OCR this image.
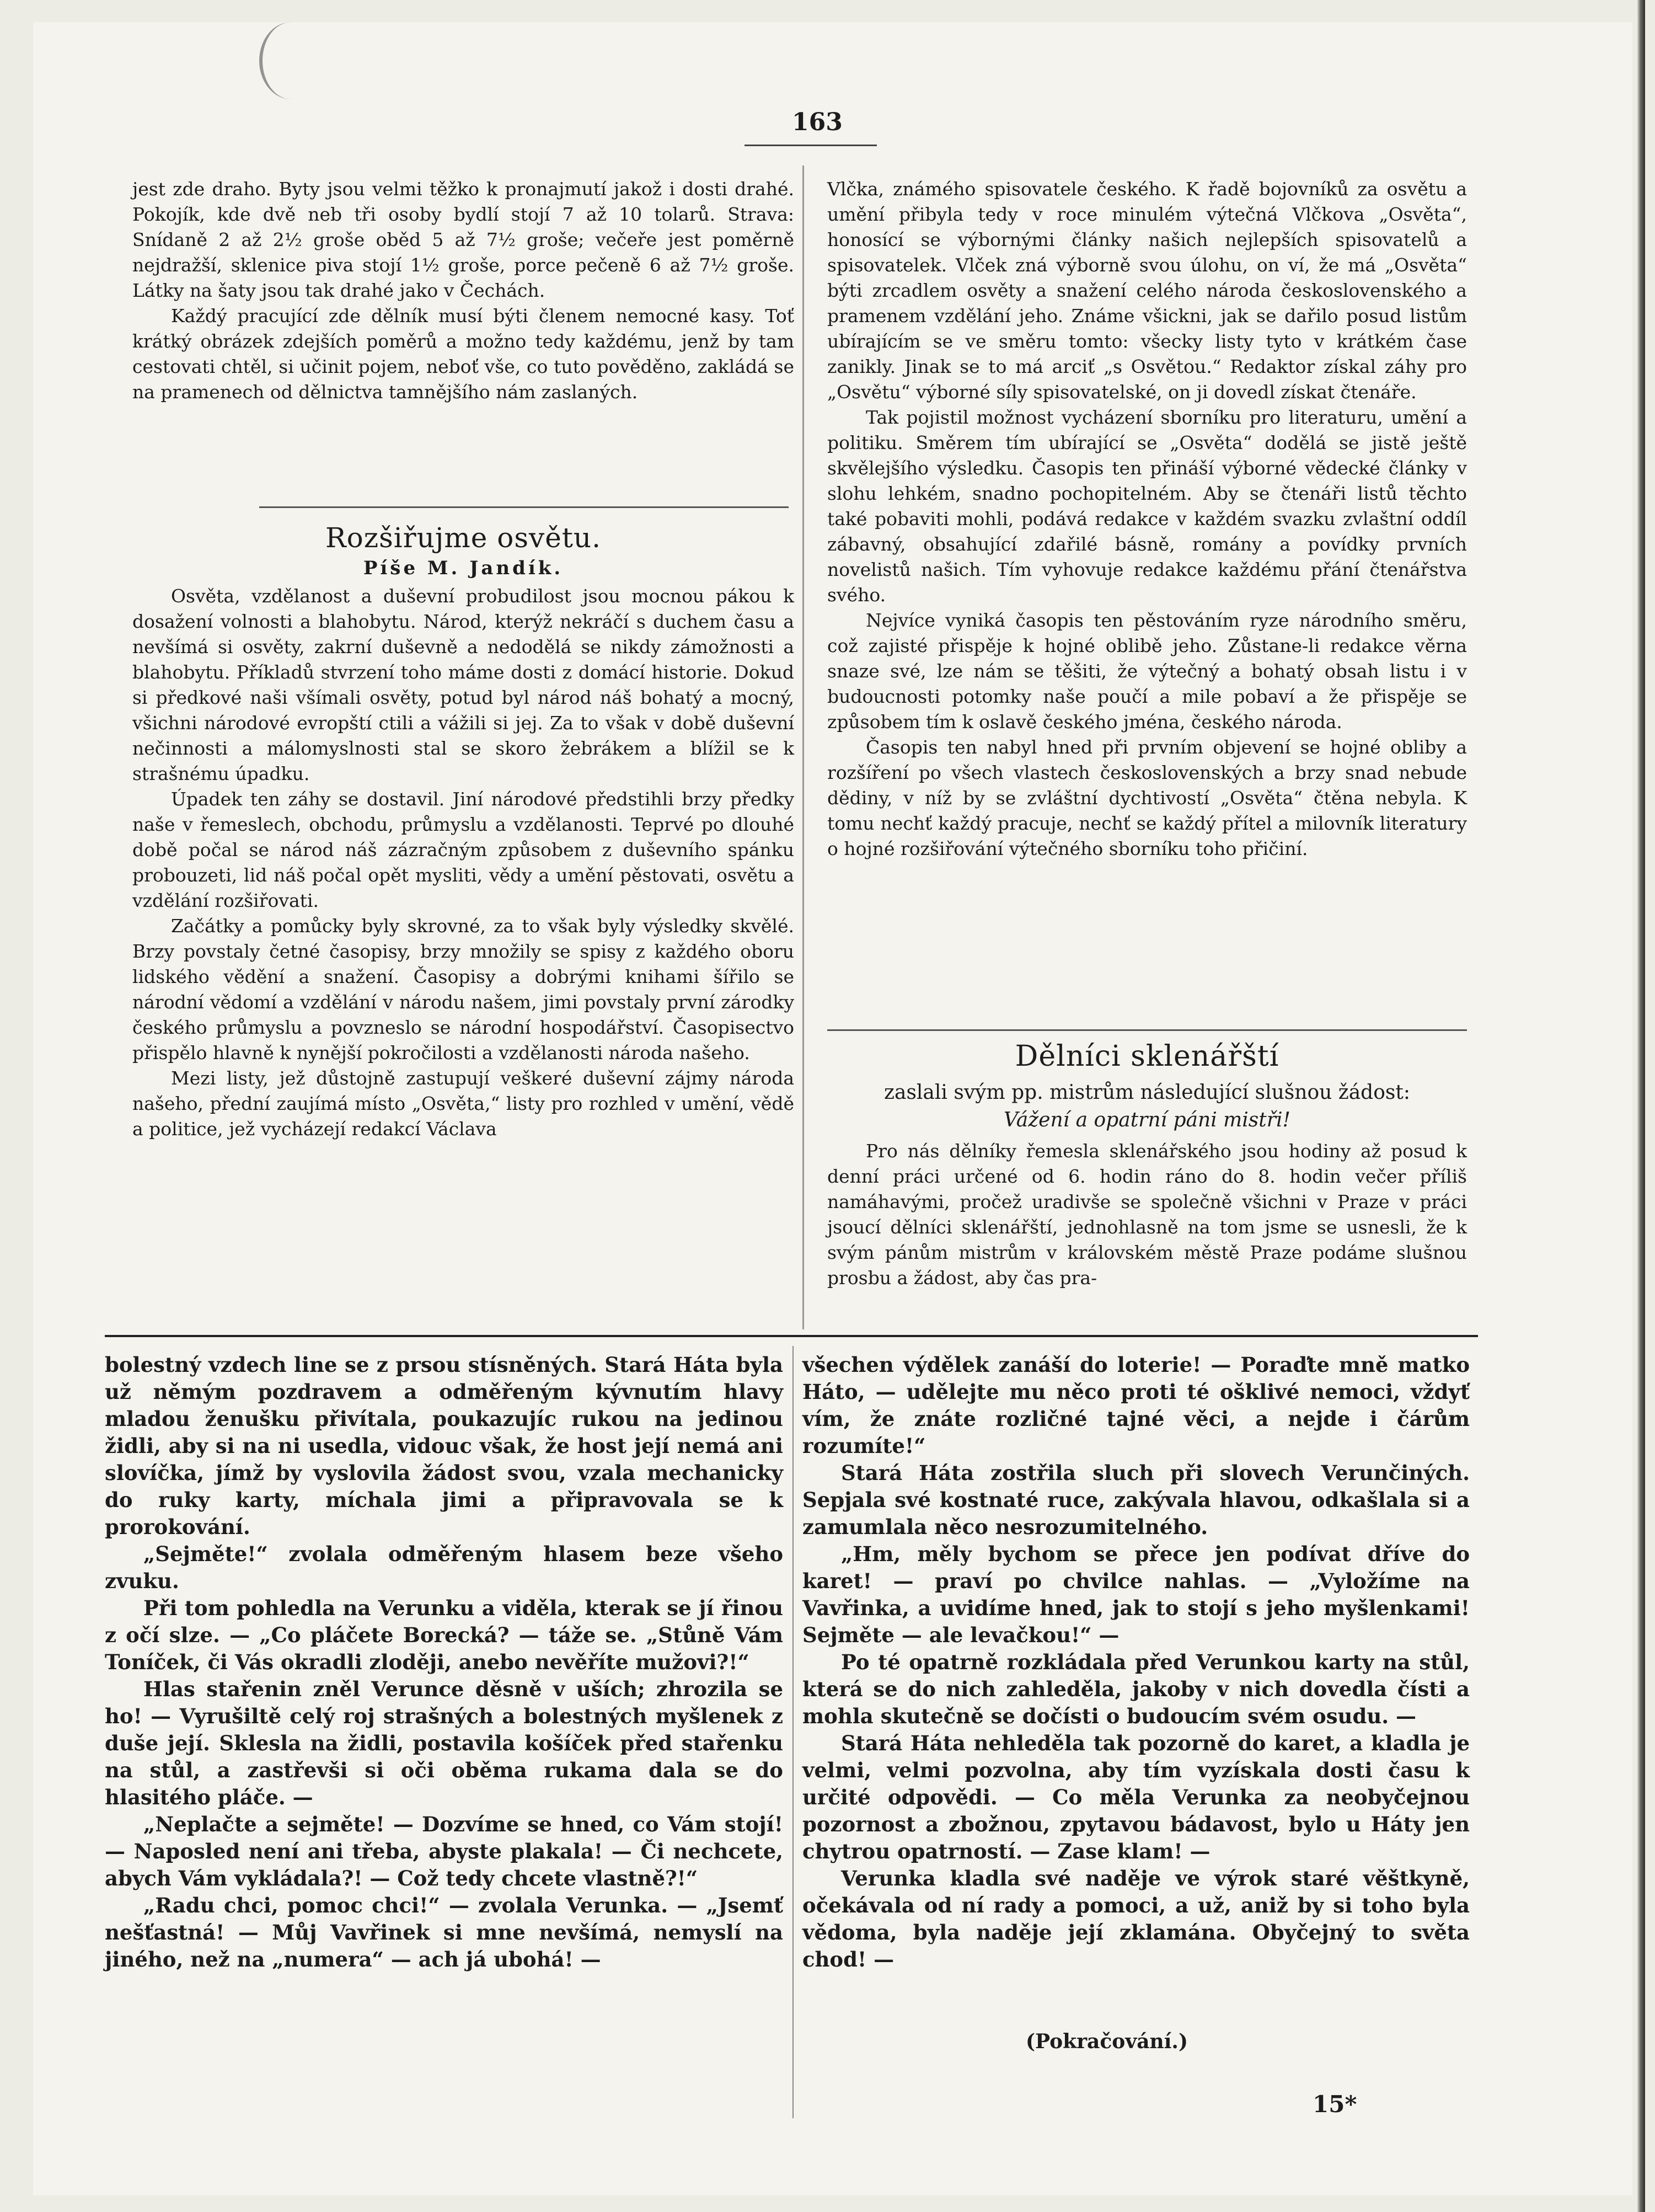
163

jest zde draho. Byty jsou velmi těžko k pronajmutí jakož i dosti drahé. Pokojík, kde dvě neb tři osoby bydlí stojí 7 až 10 tolarů. Strava: Snídaně 2 až 2½ groše oběd 5 až 7½ groše; večeře jest poměrně nejdražší, sklenice piva stojí 1½ groše, porce pečeně 6 až 7½ groše. Látky na šaty jsou tak drahé jako v Čechách.

Každý pracující zde dělník musí býti členem nemocné kasy. Toť krátký obrázek zdejších poměrů a možno tedy každému, jenž by tam cestovati chtěl, si učinit pojem, neboť vše, co tuto pověděno, zakládá se na pramenech od dělnictva tamnějšího nám zaslaných.

Rozšiřujme osvětu.
Píše M. Jandík.

Osvěta, vzdělanost a duševní probudilost jsou mocnou pákou k dosažení volnosti a blahobytu. Národ, kterýž nekráčí s duchem času a nevšímá si osvěty, zakrní duševně a nedodělá se nikdy zámožnosti a blahobytu. Příkladů stvrzení toho máme dosti z domácí historie. Dokud si předkové naši všímali osvěty, potud byl národ náš bohatý a mocný, všichni národové evropští ctili a vážili si jej. Za to však v době duševní nečinnosti a málomyslnosti stal se skoro žebrákem a blížil se k strašnému úpadku.

Úpadek ten záhy se dostavil. Jiní národové předstihli brzy předky naše v řemeslech, obchodu, průmyslu a vzdělanosti. Teprvé po dlouhé době počal se národ náš zázračným způsobem z duševního spánku probouzeti, lid náš počal opět mysliti, vědy a umění pěstovati, osvětu a vzdělání rozšiřovati.

Začátky a pomůcky byly skrovné, za to však byly výsledky skvělé. Brzy povstaly četné časopisy, brzy množily se spisy z každého oboru lidského vědění a snažení. Časopisy a dobrými knihami šířilo se národní vědomí a vzdělání v národu našem, jimi povstaly první zárodky českého průmyslu a povzneslo se národní hospodářství. Časopisectvo přispělo hlavně k nynější pokročilosti a vzdělanosti národa našeho.

Mezi listy, jež důstojně zastupují veškeré duševní zájmy národa našeho, přední zaujímá místo „Osvěta,“ listy pro rozhled v umění, vědě a politice, jež vycházejí redakcí Václava

Vlčka, známého spisovatele českého. K řadě bojovníků za osvětu a umění přibyla tedy v roce minulém výtečná Vlčkova „Osvěta“, honosící se výbornými články našich nejlepších spisovatelů a spisovatelek. Vlček zná výborně svou úlohu, on ví, že má „Osvěta“ býti zrcadlem osvěty a snažení celého národa československého a pramenem vzdělání jeho. Známe všickni, jak se dařilo posud listům ubírajícím se ve směru tomto: všecky listy tyto v krátkém čase zanikly. Jinak se to má arciť „s Osvětou.“ Redaktor získal záhy pro „Osvětu“ výborné síly spisovatelské, on ji dovedl získat čtenáře.

Tak pojistil možnost vycházení sborníku pro literaturu, umění a politiku. Směrem tím ubírající se „Osvěta“ dodělá se jistě ještě skvělejšího výsledku. Časopis ten přináší výborné vědecké články v slohu lehkém, snadno pochopitelném. Aby se čtenáři listů těchto také pobaviti mohli, podává redakce v každém svazku zvlaštní oddíl zábavný, obsahující zdařilé básně, romány a povídky prvních novelistů našich. Tím vyhovuje redakce každému přání čtenářstva svého.

Nejvíce vyniká časopis ten pěstováním ryze národního směru, což zajisté přispěje k hojné oblibě jeho. Zůstane-li redakce věrna snaze své, lze nám se těšiti, že výtečný a bohatý obsah listu i v budoucnosti potomky naše poučí a mile pobaví a že přispěje se způsobem tím k oslavě českého jména, českého národa.

Časopis ten nabyl hned při prvním objevení se hojné obliby a rozšíření po všech vlastech československých a brzy snad nebude dědiny, v níž by se zvláštní dychtivostí „Osvěta“ čtěna nebyla. K tomu nechť každý pracuje, nechť se každý přítel a milovník literatury o hojné rozšiřování výtečného sborníku toho přičiní.

Dělníci sklenářští
zaslali svým pp. mistrům následující slušnou žádost:
Vážení a opatrní páni mistři!

Pro nás dělníky řemesla sklenářského jsou hodiny až posud k denní práci určené od 6. hodin ráno do 8. hodin večer příliš namáhavými, pročež uradivše se společně všichni v Praze v práci jsoucí dělníci sklenářští, jednohlasně na tom jsme se usnesli, že k svým pánům mistrům v královském městě Praze podáme slušnou prosbu a žádost, aby čas pra-

bolestný vzdech line se z prsou stísněných. Stará Háta byla už němým pozdravem a odměřeným kývnutím hlavy mladou ženušku přivítala, poukazujíc rukou na jedinou židli, aby si na ni usedla, vidouc však, že host její nemá ani slovíčka, jímž by vyslovila žádost svou, vzala mechanicky do ruky karty, míchala jimi a připravovala se k prorokování.

„Sejměte!“ zvolala odměřeným hlasem beze všeho zvuku.

Při tom pohledla na Verunku a viděla, kterak se jí řinou z očí slze. — „Co pláčete Borecká? — táže se. „Stůně Vám Toníček, či Vás okradli zloději, anebo nevěříte mužovi?!“

Hlas stařenin zněl Verunce děsně v uších; zhrozila se ho! — Vyrušiltě celý roj strašných a bolestných myšlenek z duše její. Sklesla na židli, postavila košíček před stařenku na stůl, a zastřevši si oči oběma rukama dala se do hlasitého pláče. —

„Neplačte a sejměte! — Dozvíme se hned, co Vám stojí! — Naposled není ani třeba, abyste plakala! — Či nechcete, abych Vám vykládala?! — Což tedy chcete vlastně?!“

„Radu chci, pomoc chci!“ — zvolala Verunka. — „Jsemť nešťastná! — Můj Vavřinek si mne nevšímá, nemyslí na jiného, než na „numera“ — ach já ubohá! —

všechen výdělek zanáší do loterie! — Poraďte mně matko Háto, — udělejte mu něco proti té ošklivé nemoci, vždyť vím, že znáte rozličné tajné věci, a nejde i čárům rozumíte!“

Stará Háta zostřila sluch při slovech Verunčiných. Sepjala své kostnaté ruce, zakývala hlavou, odkašlala si a zamumlala něco nesrozumitelného.

„Hm, měly bychom se přece jen podívat dříve do karet! — praví po chvilce nahlas. — „Vyložíme na Vavřinka, a uvidíme hned, jak to stojí s jeho myšlenkami! Sejměte — ale levačkou!“ —

Po té opatrně rozkládala před Verunkou karty na stůl, která se do nich zahleděla, jakoby v nich dovedla čísti a mohla skutečně se dočísti o budoucím svém osudu. —

Stará Háta nehleděla tak pozorně do karet, a kladla je velmi, velmi pozvolna, aby tím vyzískala dosti času k určité odpovědi. — Co měla Verunka za neobyčejnou pozornost a zbožnou, zpytavou bádavost, bylo u Háty jen chytrou opatrností. — Zase klam! —

Verunka kladla své naděje ve výrok staré věštkyně, očekávala od ní rady a pomoci, a už, aniž by si toho byla vědoma, byla naděje její zklamána. Obyčejný to světa chod! —

(Pokračování.)
15*
